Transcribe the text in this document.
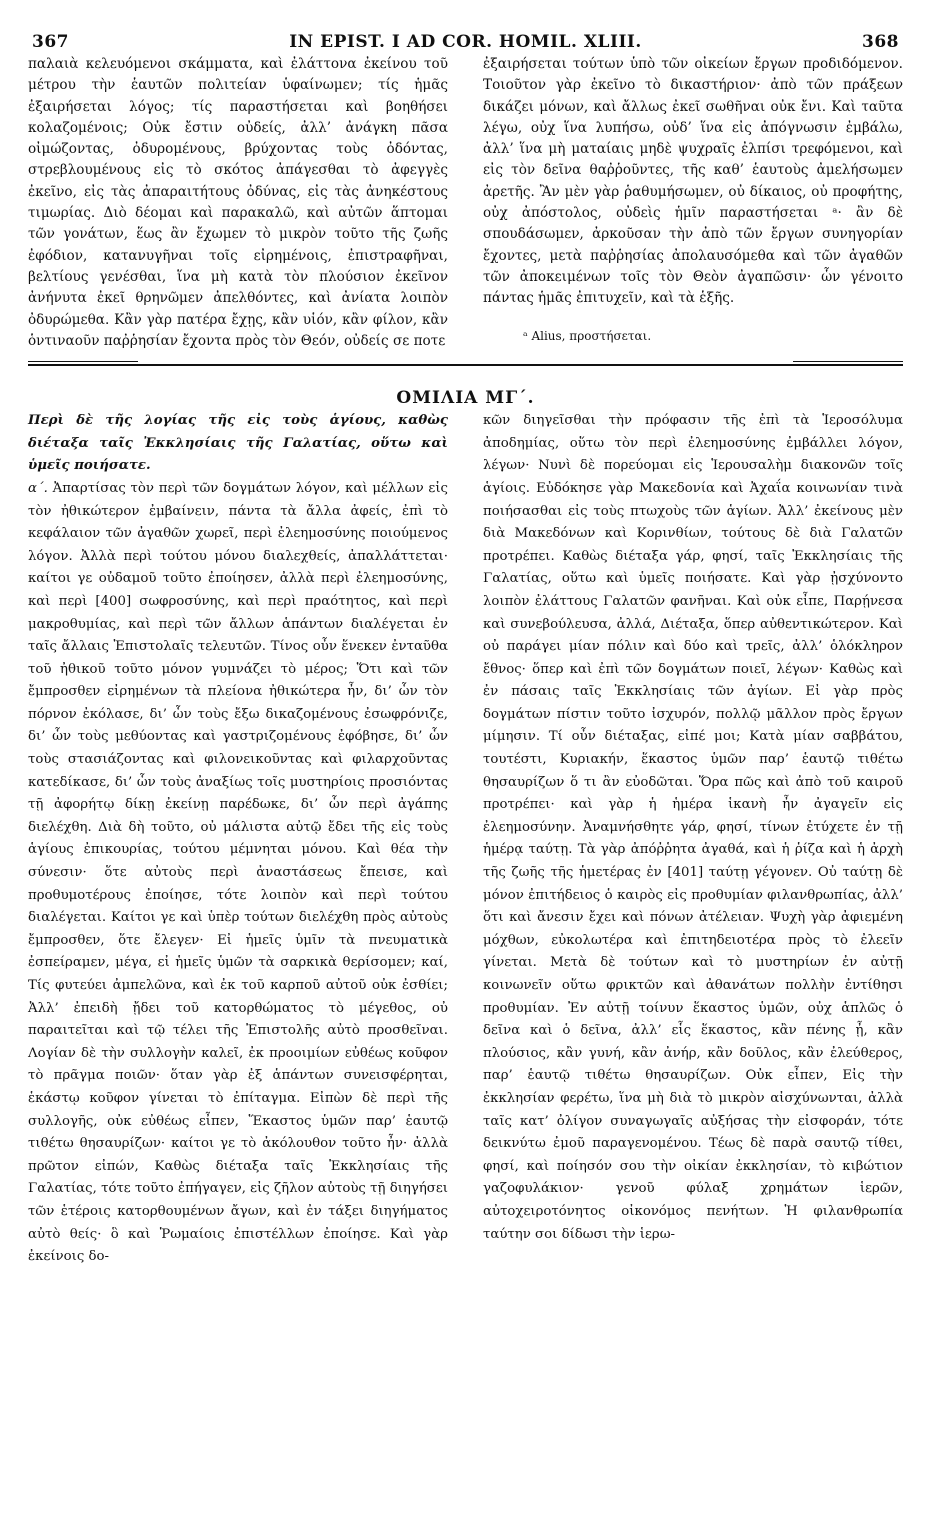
367	IN EPIST. I AD COR. HOMIL. XLIII.	368

παλαιὰ κελευόμενοι σκάμματα, καὶ ἐλάττονα ἐκείνου τοῦ μέτρου τὴν ἑαυτῶν πολιτείαν ὑφαίνωμεν; τίς ἡμᾶς ἐξαιρήσεται λόγος; τίς παραστήσεται καὶ βοηθήσει κολαζομένοις; Οὐκ ἔστιν οὐδείς, ἀλλ’ ἀνάγκη πᾶσα οἰμώζοντας, ὀδυρομένους, βρύχοντας τοὺς ὀδόντας, στρεβλουμένους εἰς τὸ σκότος ἀπάγεσθαι τὸ ἀφεγγὲς ἐκεῖνο, εἰς τὰς ἀπαραιτήτους ὀδύνας, εἰς τὰς ἀνηκέστους τιμωρίας. Διὸ δέομαι καὶ παρακαλῶ, καὶ αὐτῶν ἅπτομαι τῶν γονάτων, ἕως ἂν ἔχωμεν τὸ μικρὸν τοῦτο τῆς ζωῆς ἐφόδιον, κατανυγῆναι τοῖς εἰρημένοις, ἐπιστραφῆναι, βελτίους γενέσθαι, ἵνα μὴ κατὰ τὸν πλούσιον ἐκεῖνον ἀνήνυτα ἐκεῖ θρηνῶμεν ἀπελθόντες, καὶ ἀνίατα λοιπὸν ὀδυρώμεθα. Κἂν γὰρ πατέρα ἔχῃς, κἂν υἱόν, κἂν φίλον, κἂν ὁντιναοῦν παῤῥησίαν ἔχοντα πρὸς τὸν Θεόν, οὐδείς σε ποτε

ἐξαιρήσεται τούτων ὑπὸ τῶν οἰκείων ἔργων προδιδόμενον. Τοιοῦτον γὰρ ἐκεῖνο τὸ δικαστήριον· ἀπὸ τῶν πράξεων δικάζει μόνων, καὶ ἄλλως ἐκεῖ σωθῆναι οὐκ ἔνι. Καὶ ταῦτα λέγω, οὐχ ἵνα λυπήσω, οὐδ’ ἵνα εἰς ἀπόγνωσιν ἐμβάλω, ἀλλ’ ἵνα μὴ ματαίαις μηδὲ ψυχραῖς ἐλπίσι τρεφόμενοι, καὶ εἰς τὸν δεῖνα θαῤῥοῦντες, τῆς καθ’ ἑαυτοὺς ἀμελήσωμεν ἀρετῆς. Ἂν μὲν γὰρ ῥαθυμήσωμεν, οὐ δίκαιος, οὐ προφήτης, οὐχ ἀπόστολος, οὐδεὶς ἡμῖν παραστήσεται ᵃ· ἂν δὲ σπουδάσωμεν, ἀρκοῦσαν τὴν ἀπὸ τῶν ἔργων συνηγορίαν ἔχοντες, μετὰ παῤῥησίας ἀπολαυσόμεθα καὶ τῶν ἀγαθῶν τῶν ἀποκειμένων τοῖς τὸν Θεὸν ἀγαπῶσιν· ὧν γένοιτο πάντας ἡμᾶς ἐπιτυχεῖν, καὶ τὰ ἑξῆς.

ᵃ Alius, προστήσεται.
ΟΜΙΛΙΑ ΜΓ΄.

Περὶ δὲ τῆς λογίας τῆς εἰς τοὺς ἁγίους, καθὼς διέταξα ταῖς Ἐκκλησίαις τῆς Γαλατίας, οὕτω καὶ ὑμεῖς ποιήσατε.

α΄. Ἀπαρτίσας τὸν περὶ τῶν δογμάτων λόγον, καὶ μέλλων εἰς τὸν ἠθικώτερον ἐμβαίνειν, πάντα τὰ ἄλλα ἀφείς, ἐπὶ τὸ κεφάλαιον τῶν ἀγαθῶν χωρεῖ, περὶ ἐλεημοσύνης ποιούμενος λόγον. Ἀλλὰ περὶ τούτου μόνου διαλεχθείς, ἀπαλλάττεται· καίτοι γε οὐδαμοῦ τοῦτο ἐποίησεν, ἀλλὰ περὶ ἐλεημοσύνης, καὶ περὶ [400] σωφροσύνης, καὶ περὶ πραότητος, καὶ περὶ μακροθυμίας, καὶ περὶ τῶν ἄλλων ἁπάντων διαλέγεται ἐν ταῖς ἄλλαις Ἐπιστολαῖς τελευτῶν. Τίνος οὖν ἕνεκεν ἐνταῦθα τοῦ ἠθικοῦ τοῦτο μόνον γυμνάζει τὸ μέρος; Ὅτι καὶ τῶν ἔμπροσθεν εἰρημένων τὰ πλείονα ἠθικώτερα ἦν, δι’ ὧν τὸν πόρνον ἐκόλασε, δι’ ὧν τοὺς ἔξω δικαζομένους ἐσωφρόνιζε, δι’ ὧν τοὺς μεθύοντας καὶ γαστριζομένους ἐφόβησε, δι’ ὧν τοὺς στασιάζοντας καὶ φιλονεικοῦντας καὶ φιλαρχοῦντας κατεδίκασε, δι’ ὧν τοὺς ἀναξίως τοῖς μυστηρίοις προσιόντας τῇ ἀφορήτῳ δίκῃ ἐκείνῃ παρέδωκε, δι’ ὧν περὶ ἀγάπης διελέχθη. Διὰ δὴ τοῦτο, οὐ μάλιστα αὐτῷ ἔδει τῆς εἰς τοὺς ἁγίους ἐπικουρίας, τούτου μέμνηται μόνου. Καὶ θέα τὴν σύνεσιν· ὅτε αὐτοὺς περὶ ἀναστάσεως ἔπεισε, καὶ προθυμοτέρους ἐποίησε, τότε λοιπὸν καὶ περὶ τούτου διαλέγεται. Καίτοι γε καὶ ὑπὲρ τούτων διελέχθη πρὸς αὐτοὺς ἔμπροσθεν, ὅτε ἔλεγεν· Εἰ ἡμεῖς ὑμῖν τὰ πνευματικὰ ἐσπείραμεν, μέγα, εἰ ἡμεῖς ὑμῶν τὰ σαρκικὰ θερίσομεν; καί, Τίς φυτεύει ἀμπελῶνα, καὶ ἐκ τοῦ καρποῦ αὐτοῦ οὐκ ἐσθίει; Ἀλλ’ ἐπειδὴ ᾔδει τοῦ κατορθώματος τὸ μέγεθος, οὐ παραιτεῖται καὶ τῷ τέλει τῆς Ἐπιστολῆς αὐτὸ προσθεῖναι. Λογίαν δὲ τὴν συλλογὴν καλεῖ, ἐκ προοιμίων εὐθέως κοῦφον τὸ πρᾶγμα ποιῶν· ὅταν γὰρ ἐξ ἁπάντων συνεισφέρηται, ἑκάστῳ κοῦφον γίνεται τὸ ἐπίταγμα. Εἰπὼν δὲ περὶ τῆς συλλογῆς, οὐκ εὐθέως εἶπεν, Ἕκαστος ὑμῶν παρ’ ἑαυτῷ τιθέτω θησαυρίζων· καίτοι γε τὸ ἀκόλουθον τοῦτο ἦν· ἀλλὰ πρῶτον εἰπών, Καθὼς διέταξα ταῖς Ἐκκλησίαις τῆς Γαλατίας, τότε τοῦτο ἐπήγαγεν, εἰς ζῆλον αὐτοὺς τῇ διηγήσει τῶν ἑτέροις κατορθουμένων ἄγων, καὶ ἐν τάξει διηγήματος αὐτὸ θείς· ὃ καὶ Ῥωμαίοις ἐπιστέλλων ἐποίησε. Καὶ γὰρ ἐκείνοις δο-

κῶν διηγεῖσθαι τὴν πρόφασιν τῆς ἐπὶ τὰ Ἱεροσόλυμα ἀποδημίας, οὕτω τὸν περὶ ἐλεημοσύνης ἐμβάλλει λόγον, λέγων· Νυνὶ δὲ πορεύομαι εἰς Ἱερουσαλὴμ διακονῶν τοῖς ἁγίοις. Εὐδόκησε γὰρ Μακεδονία καὶ Ἀχαΐα κοινωνίαν τινὰ ποιήσασθαι εἰς τοὺς πτωχοὺς τῶν ἁγίων. Ἀλλ’ ἐκείνους μὲν διὰ Μακεδόνων καὶ Κορινθίων, τούτους δὲ διὰ Γαλατῶν προτρέπει. Καθὼς διέταξα γάρ, φησί, ταῖς Ἐκκλησίαις τῆς Γαλατίας, οὕτω καὶ ὑμεῖς ποιήσατε. Καὶ γὰρ ᾐσχύνοντο λοιπὸν ἐλάττους Γαλατῶν φανῆναι. Καὶ οὐκ εἶπε, Παρῄνεσα καὶ συνεβούλευσα, ἀλλά, Διέταξα, ὅπερ αὐθεντικώτερον. Καὶ οὐ παράγει μίαν πόλιν καὶ δύο καὶ τρεῖς, ἀλλ’ ὁλόκληρον ἔθνος· ὅπερ καὶ ἐπὶ τῶν δογμάτων ποιεῖ, λέγων· Καθὼς καὶ ἐν πάσαις ταῖς Ἐκκλησίαις τῶν ἁγίων. Εἰ γὰρ πρὸς δογμάτων πίστιν τοῦτο ἰσχυρόν, πολλῷ μᾶλλον πρὸς ἔργων μίμησιν. Τί οὖν διέταξας, εἰπέ μοι; Κατὰ μίαν σαββάτου, τουτέστι, Κυριακήν, ἕκαστος ὑμῶν παρ’ ἑαυτῷ τιθέτω θησαυρίζων ὅ τι ἂν εὐοδῶται. Ὅρα πῶς καὶ ἀπὸ τοῦ καιροῦ προτρέπει· καὶ γὰρ ἡ ἡμέρα ἱκανὴ ἦν ἀγαγεῖν εἰς ἐλεημοσύνην. Ἀναμνήσθητε γάρ, φησί, τίνων ἐτύχετε ἐν τῇ ἡμέρᾳ ταύτῃ. Τὰ γὰρ ἀπόῤῥητα ἀγαθά, καὶ ἡ ῥίζα καὶ ἡ ἀρχὴ τῆς ζωῆς τῆς ἡμετέρας ἐν [401] ταύτῃ γέγονεν. Οὐ ταύτῃ δὲ μόνον ἐπιτήδειος ὁ καιρὸς εἰς προθυμίαν φιλανθρωπίας, ἀλλ’ ὅτι καὶ ἄνεσιν ἔχει καὶ πόνων ἀτέλειαν. Ψυχὴ γὰρ ἀφιεμένη μόχθων, εὐκολωτέρα καὶ ἐπιτηδειοτέρα πρὸς τὸ ἐλεεῖν γίνεται. Μετὰ δὲ τούτων καὶ τὸ μυστηρίων ἐν αὐτῇ κοινωνεῖν οὕτω φρικτῶν καὶ ἀθανάτων πολλὴν ἐντίθησι προθυμίαν. Ἐν αὐτῇ τοίνυν ἕκαστος ὑμῶν, οὐχ ἁπλῶς ὁ δεῖνα καὶ ὁ δεῖνα, ἀλλ’ εἷς ἕκαστος, κἂν πένης ᾖ, κἂν πλούσιος, κἂν γυνή, κἂν ἀνήρ, κἂν δοῦλος, κἂν ἐλεύθερος, παρ’ ἑαυτῷ τιθέτω θησαυρίζων. Οὐκ εἶπεν, Εἰς τὴν ἐκκλησίαν φερέτω, ἵνα μὴ διὰ τὸ μικρὸν αἰσχύνωνται, ἀλλὰ ταῖς κατ’ ὀλίγον συναγωγαῖς αὐξήσας τὴν εἰσφοράν, τότε δεικνύτω ἐμοῦ παραγενομένου. Τέως δὲ παρὰ σαυτῷ τίθει, φησί, καὶ ποίησόν σου τὴν οἰκίαν ἐκκλησίαν, τὸ κιβώτιον γαζοφυλάκιον· γενοῦ φύλαξ χρημάτων ἱερῶν, αὐτοχειροτόνητος οἰκονόμος πενήτων. Ἡ φιλανθρωπία ταύτην σοι δίδωσι τὴν ἱερω-
